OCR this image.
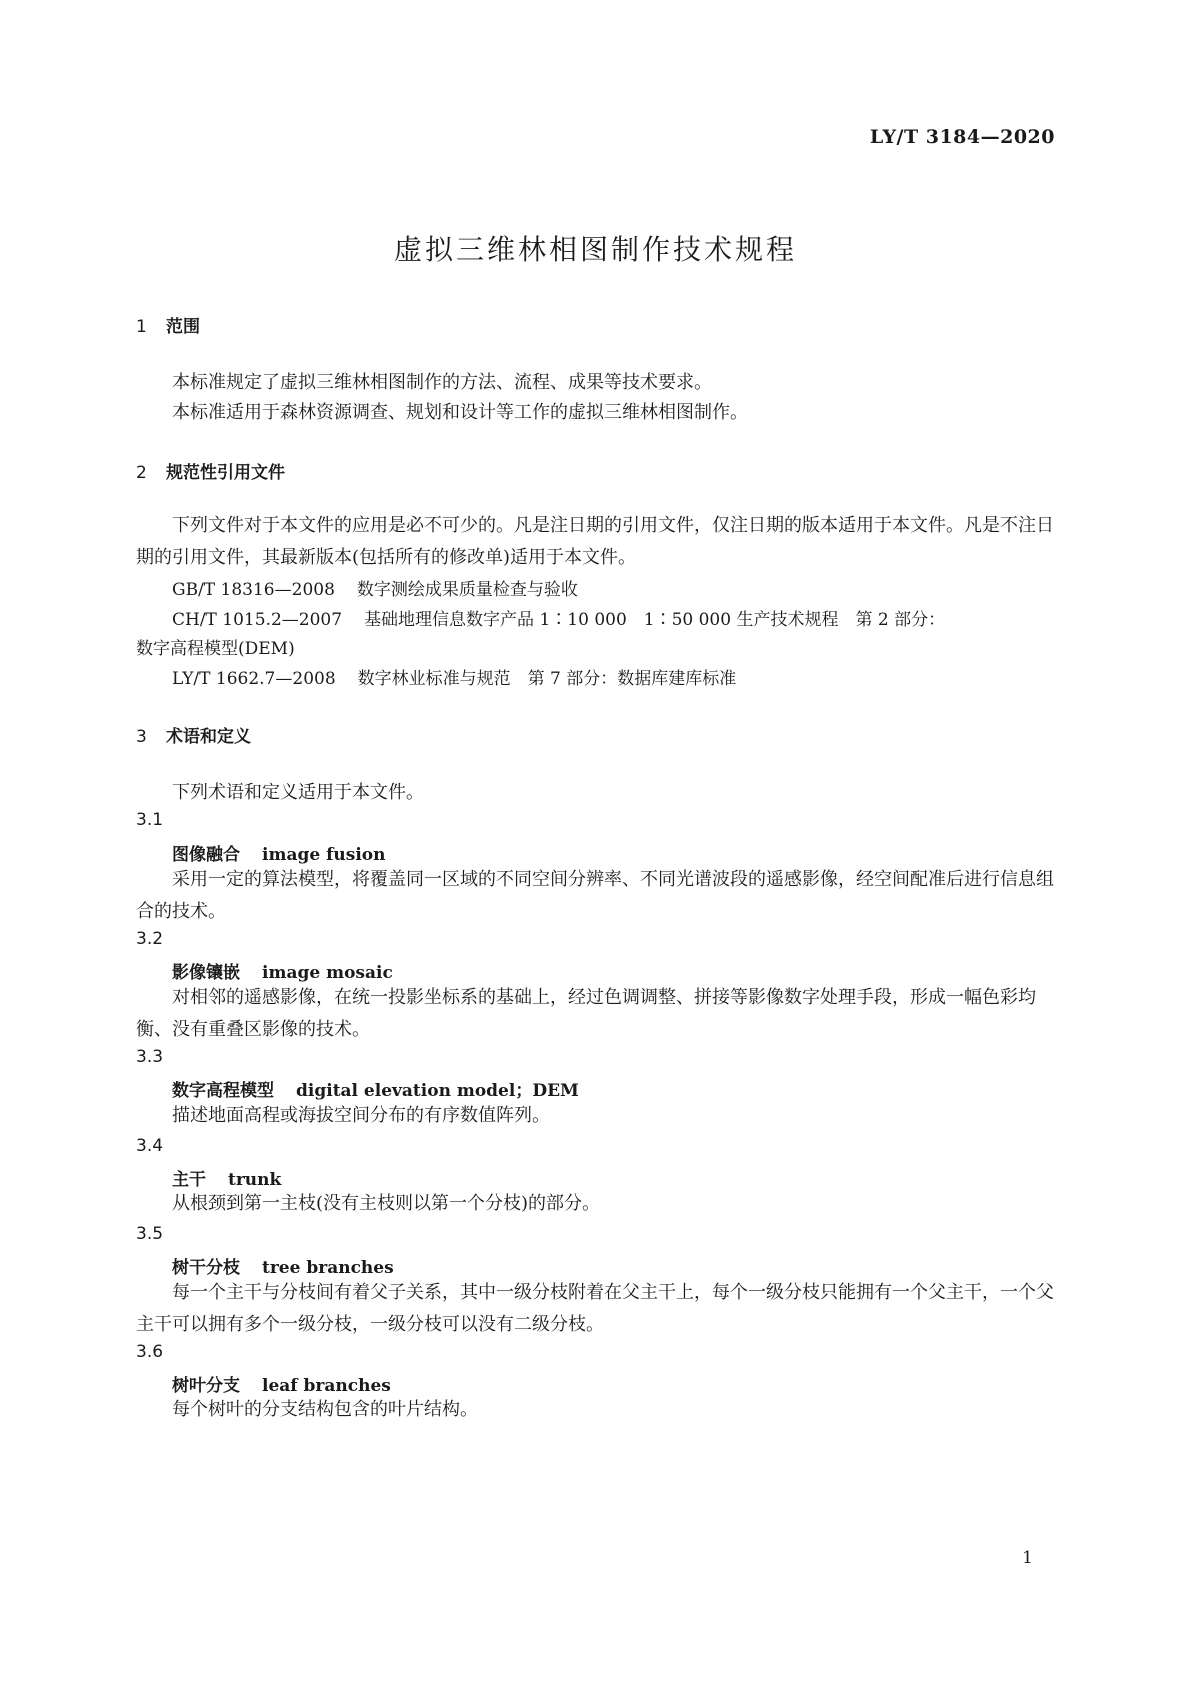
LY/T 3184—2020
虚拟三维林相图制作技术规程
1 范围
本标准规定了虚拟三维林相图制作的方法、流程、成果等技术要求。
本标准适用于森林资源调查、规划和设计等工作的虚拟三维林相图制作。
2 规范性引用文件
下列文件对于本文件的应用是必不可少的。凡是注日期的引用文件，仅注日期的版本适用于本文件。凡是不注日期的引用文件，其最新版本(包括所有的修改单)适用于本文件。
GB/T 18316—2008 数字测绘成果质量检查与验收
CH/T 1015.2—2007 基础地理信息数字产品 1∶10 000　1∶50 000 生产技术规程　第 2 部分：
数字高程模型(DEM)
LY/T 1662.7—2008 数字林业标准与规范　第 7 部分：数据库建库标准
3 术语和定义
下列术语和定义适用于本文件。
3.1
图像融合 image fusion
采用一定的算法模型，将覆盖同一区域的不同空间分辨率、不同光谱波段的遥感影像，经空间配准后进行信息组合的技术。
3.2
影像镶嵌 image mosaic
对相邻的遥感影像，在统一投影坐标系的基础上，经过色调调整、拼接等影像数字处理手段，形成一幅色彩均衡、没有重叠区影像的技术。
3.3
数字高程模型 digital elevation model；DEM
描述地面高程或海拔空间分布的有序数值阵列。
3.4
主干 trunk
从根颈到第一主枝(没有主枝则以第一个分枝)的部分。
3.5
树干分枝 tree branches
每一个主干与分枝间有着父子关系，其中一级分枝附着在父主干上，每个一级分枝只能拥有一个父主干，一个父主干可以拥有多个一级分枝，一级分枝可以没有二级分枝。
3.6
树叶分支 leaf branches
每个树叶的分支结构包含的叶片结构。
1
